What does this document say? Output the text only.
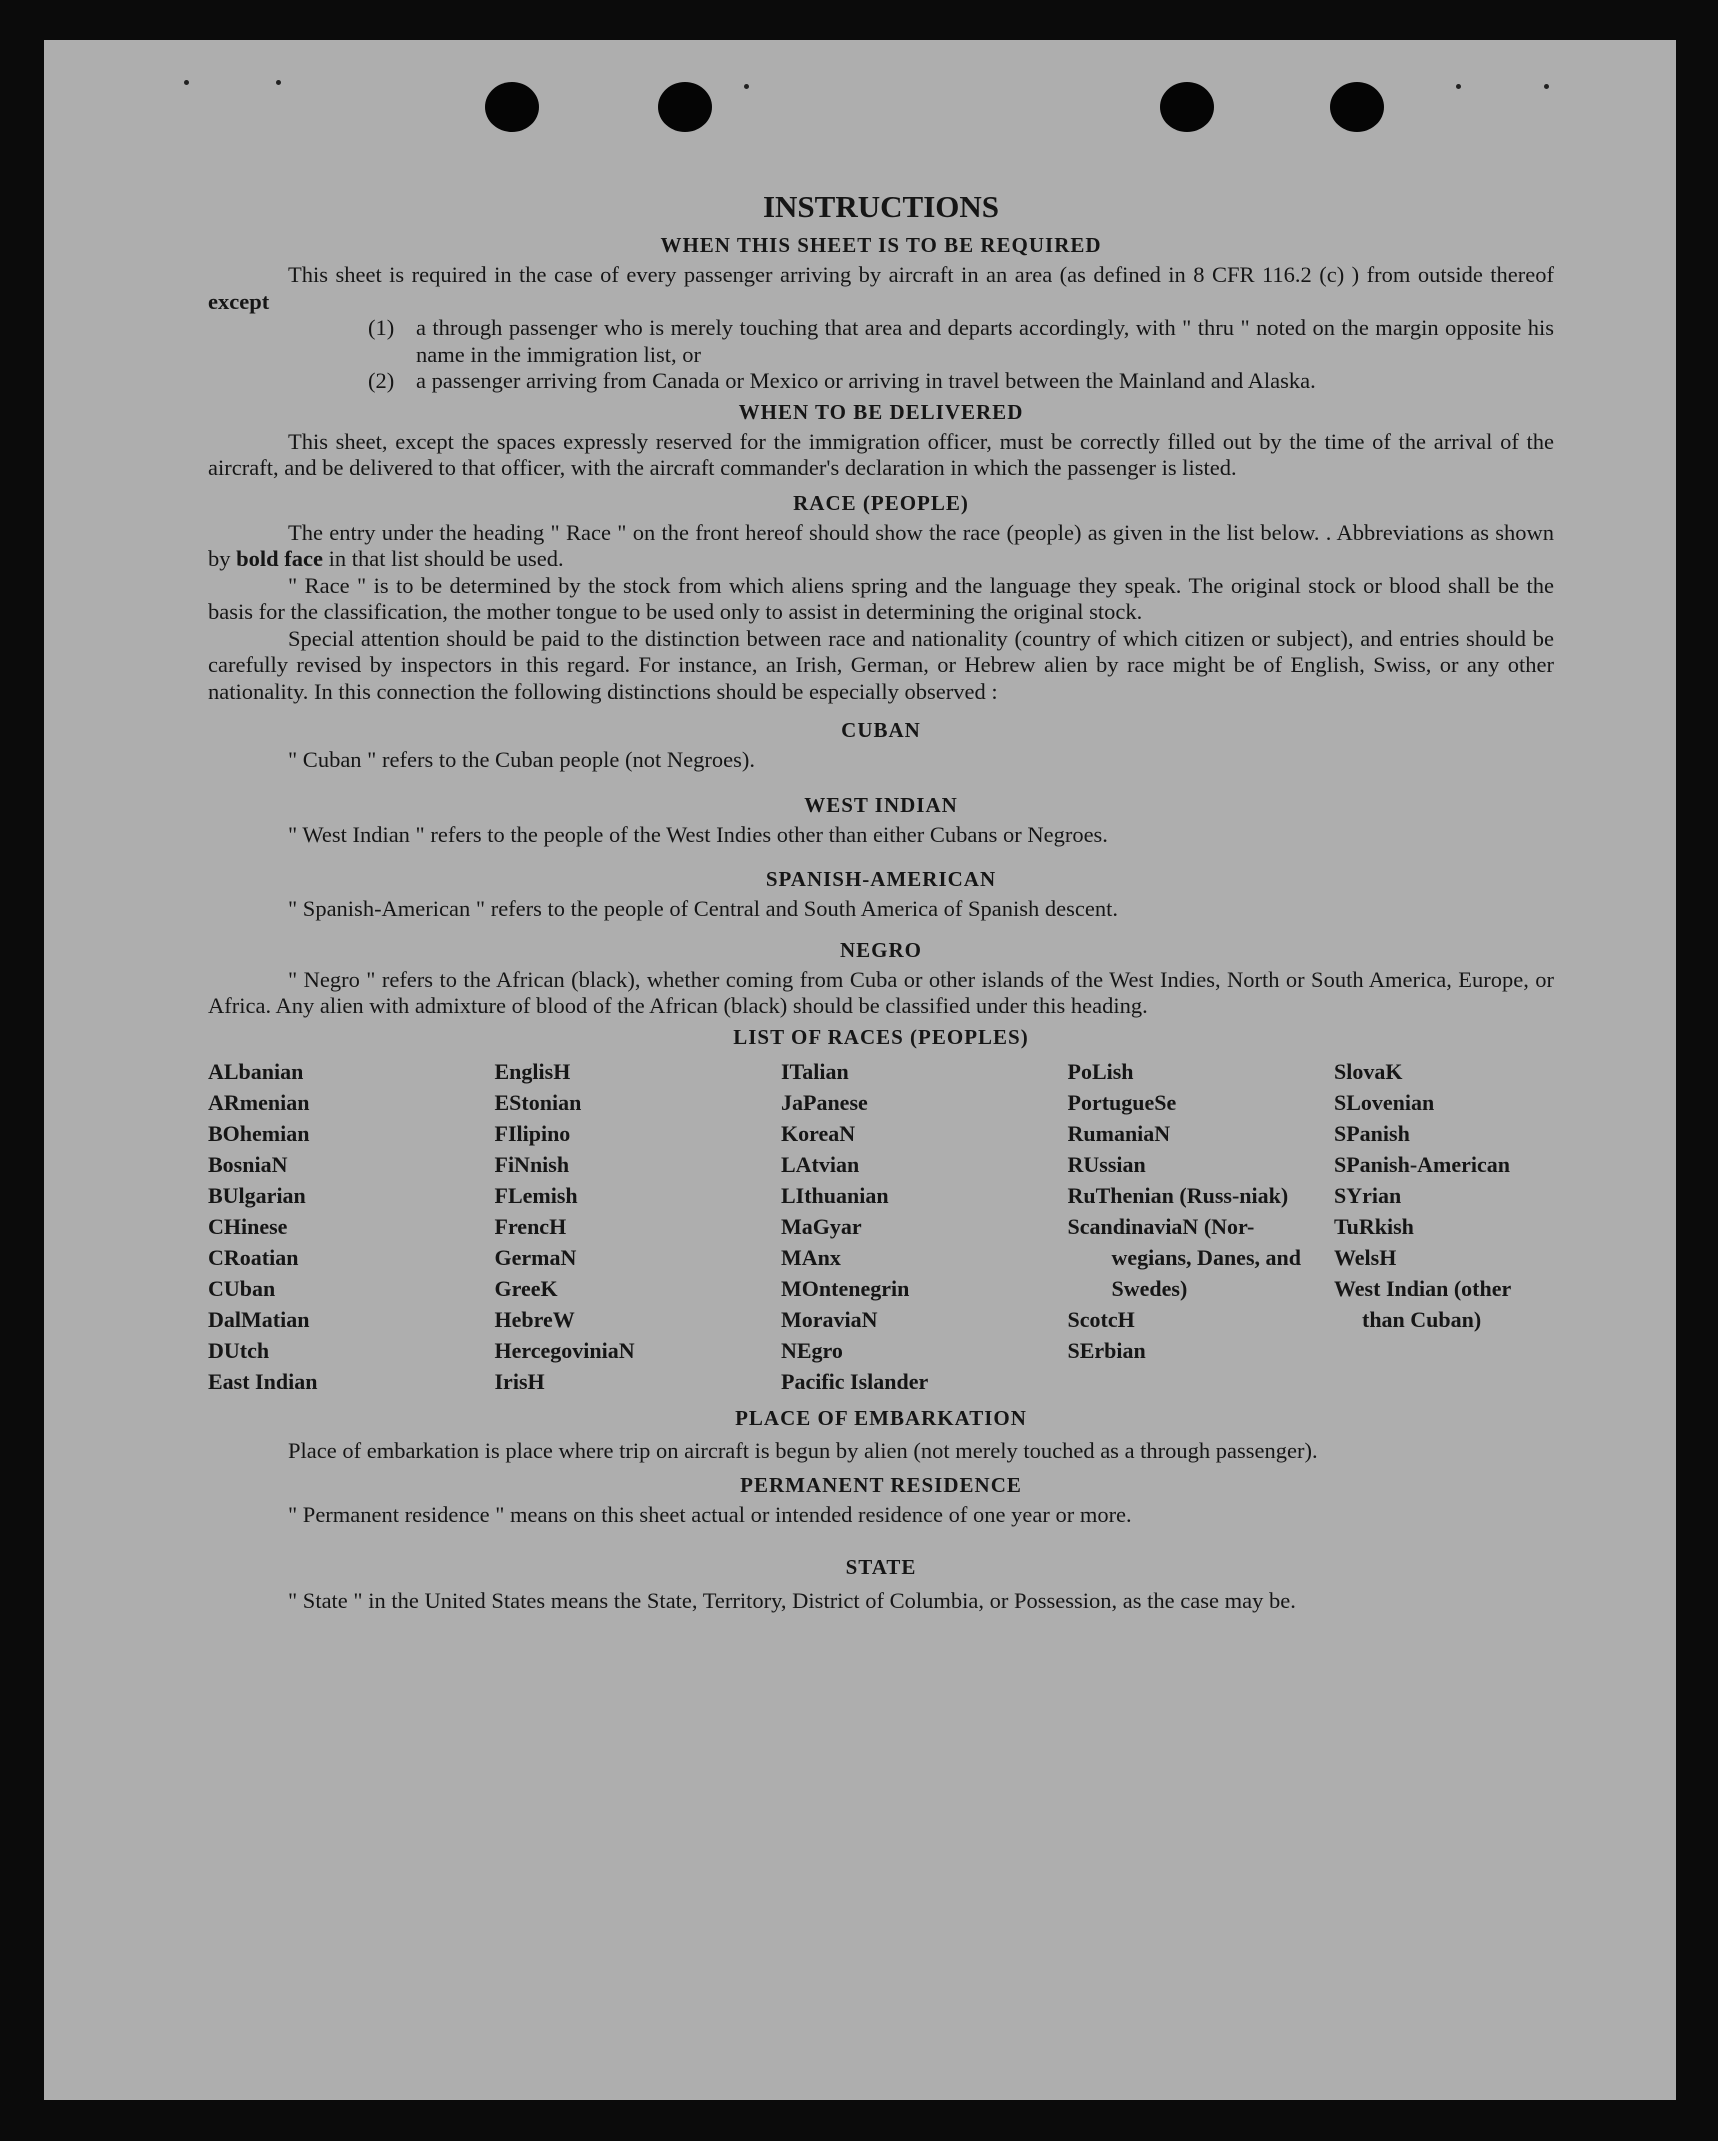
INSTRUCTIONS
WHEN THIS SHEET IS TO BE REQUIRED

This sheet is required in the case of every passenger arriving by aircraft in an area (as defined in 8 CFR 116.2 (c) ) from outside thereof except

(1) a through passenger who is merely touching that area and departs accordingly, with " thru " noted on the margin opposite his name in the immigration list, or
(2) a passenger arriving from Canada or Mexico or arriving in travel between the Mainland and Alaska.
WHEN TO BE DELIVERED

This sheet, except the spaces expressly reserved for the immigration officer, must be correctly filled out by the time of the arrival of the aircraft, and be delivered to that officer, with the aircraft commander's declaration in which the passenger is listed.

RACE (PEOPLE)

The entry under the heading " Race " on the front hereof should show the race (people) as given in the list below. . Abbreviations as shown by bold face in that list should be used.

" Race " is to be determined by the stock from which aliens spring and the language they speak. The original stock or blood shall be the basis for the classification, the mother tongue to be used only to assist in determining the original stock.

Special attention should be paid to the distinction between race and nationality (country of which citizen or subject), and entries should be carefully revised by inspectors in this regard. For instance, an Irish, German, or Hebrew alien by race might be of English, Swiss, or any other nationality. In this connection the following distinctions should be especially observed :

CUBAN

" Cuban " refers to the Cuban people (not Negroes).

WEST INDIAN

" West Indian " refers to the people of the West Indies other than either Cubans or Negroes.

SPANISH-AMERICAN

" Spanish-American " refers to the people of Central and South America of Spanish descent.

NEGRO

" Negro " refers to the African (black), whether coming from Cuba or other islands of the West Indies, North or South America, Europe, or Africa. Any alien with admixture of blood of the African (black) should be classified under this heading.

LIST OF RACES (PEOPLES)
ALbanian
ARmenian
BOhemian
BosniaN
BUlgarian
CHinese
CRoatian
CUban
DalMatian
DUtch
East Indian
EnglisH
EStonian
FIlipino
FiNnish
FLemish
FrencH
GermaN
GreeK
HebreW
HercegoviniaN
IrisH
ITalian
JaPanese
KoreaN
LAtvian
LIthuanian
MaGyar
MAnx
MOntenegrin
MoraviaN
NEgro
Pacific Islander
PoLish
PortugueSe
RumaniaN
RUssian
RuThenian (Russ-niak)
ScandinaviaN (Nor-wegians, Danes, and Swedes)
ScotcH
SErbian
SlovaK
SLovenian
SPanish
SPanish-American
SYrian
TuRkish
WelsH
West Indian (other than Cuban)
PLACE OF EMBARKATION

Place of embarkation is place where trip on aircraft is begun by alien (not merely touched as a through passenger).

PERMANENT RESIDENCE

" Permanent residence " means on this sheet actual or intended residence of one year or more.

STATE

" State " in the United States means the State, Territory, District of Columbia, or Possession, as the case may be.
